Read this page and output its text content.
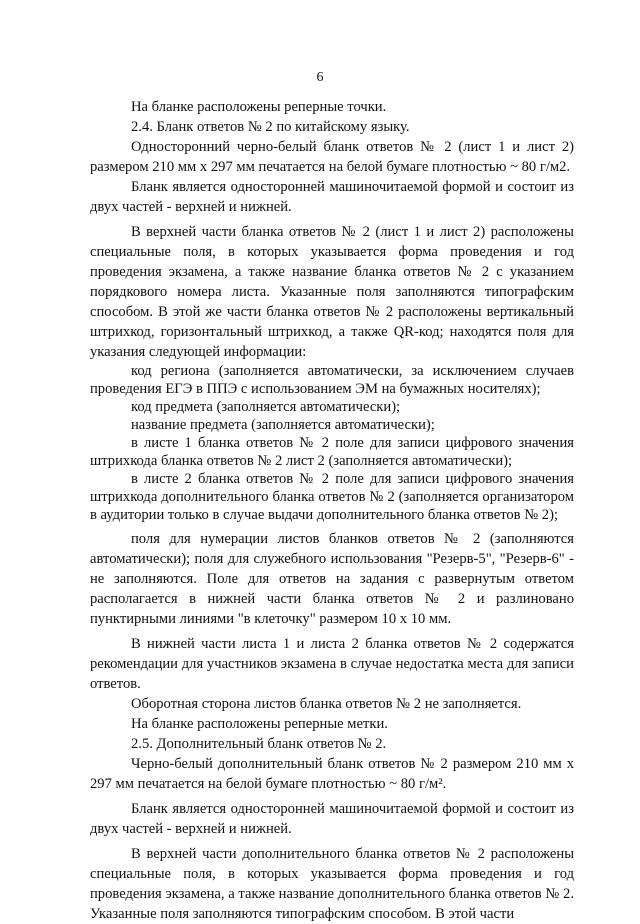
6

На бланке расположены реперные точки.

2.4. Бланк ответов № 2 по китайскому языку.

Односторонний черно-белый бланк ответов № 2 (лист 1 и лист 2) размером 210 мм х 297 мм печатается на белой бумаге плотностью ~ 80 г/м2.

Бланк является односторонней машиночитаемой формой и состоит из двух частей - верхней и нижней.

В верхней части бланка ответов № 2 (лист 1 и лист 2) расположены специальные поля, в которых указывается форма проведения и год проведения экзамена, а также название бланка ответов № 2 с указанием порядкового номера листа. Указанные поля заполняются типографским способом. В этой же части бланка ответов № 2 расположены вертикальный штрихкод, горизонтальный штрихкод, а также QR-код; находятся поля для указания следующей информации:

код региона (заполняется автоматически, за исключением случаев проведения ЕГЭ в ППЭ с использованием ЭМ на бумажных носителях);

код предмета (заполняется автоматически);

название предмета (заполняется автоматически);

в листе 1 бланка ответов № 2 поле для записи цифрового значения штрихкода бланка ответов № 2 лист 2 (заполняется автоматически);

в листе 2 бланка ответов № 2 поле для записи цифрового значения штрихкода дополнительного бланка ответов № 2 (заполняется организатором в аудитории только в случае выдачи дополнительного бланка ответов № 2);

поля для нумерации листов бланков ответов № 2 (заполняются автоматически); поля для служебного использования "Резерв-5", "Резерв-6" - не заполняются. Поле для ответов на задания с развернутым ответом располагается в нижней части бланка ответов № 2 и разлиновано пунктирными линиями "в клеточку" размером 10 х 10 мм.

В нижней части листа 1 и листа 2 бланка ответов № 2 содержатся рекомендации для участников экзамена в случае недостатка места для записи ответов.

Оборотная сторона листов бланка ответов № 2 не заполняется.

На бланке расположены реперные метки.

2.5. Дополнительный бланк ответов № 2.

Черно-белый дополнительный бланк ответов № 2 размером 210 мм х 297 мм печатается на белой бумаге плотностью ~ 80 г/м².

Бланк является односторонней машиночитаемой формой и состоит из двух частей - верхней и нижней.

В верхней части дополнительного бланка ответов № 2 расположены специальные поля, в которых указывается форма проведения и год проведения экзамена, а также название дополнительного бланка ответов № 2. Указанные поля заполняются типографским способом. В этой части
